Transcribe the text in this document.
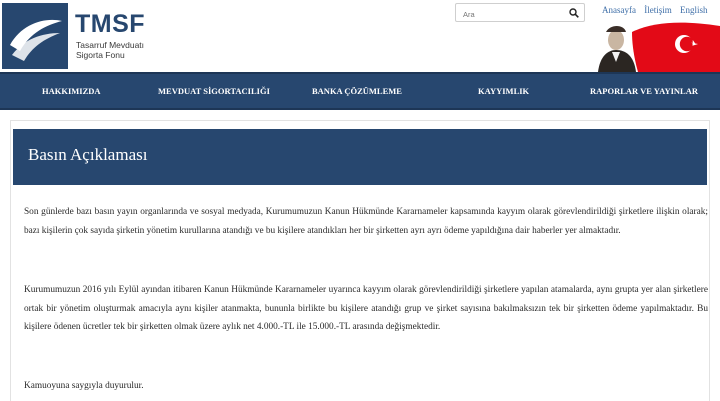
TMSF
Tasarruf Mevduatı Sigorta Fonu
Ara
Anasayfa İletişim English
HAKKIMIZDA	MEVDUAT SİGORTACILIĞI	BANKA ÇÖZÜMLEME	KAYYIMLIK	RAPORLAR VE YAYINLAR
Basın Açıklaması

Son günlerde bazı basın yayın organlarında ve sosyal medyada, Kurumumuzun Kanun Hükmünde Kararnameler kapsamında kayyım olarak görevlendirildiği şirketlere ilişkin olarak; bazı kişilerin çok sayıda şirketin yönetim kurullarına atandığı ve bu kişilere atandıkları her bir şirketten ayrı ayrı ödeme yapıldığına dair haberler yer almaktadır.

Kurumumuzun 2016 yılı Eylül ayından itibaren Kanun Hükmünde Kararnameler uyarınca kayyım olarak görevlendirildiği şirketlere yapılan atamalarda, aynı grupta yer alan şirketlere ortak bir yönetim oluşturmak amacıyla aynı kişiler atanmakta, bununla birlikte bu kişilere atandığı grup ve şirket sayısına bakılmaksızın tek bir şirketten ödeme yapılmaktadır. Bu kişilere ödenen ücretler tek bir şirketten olmak üzere aylık net 4.000.-TL ile 15.000.-TL arasında değişmektedir.

Kamuoyuna saygıyla duyurulur.
